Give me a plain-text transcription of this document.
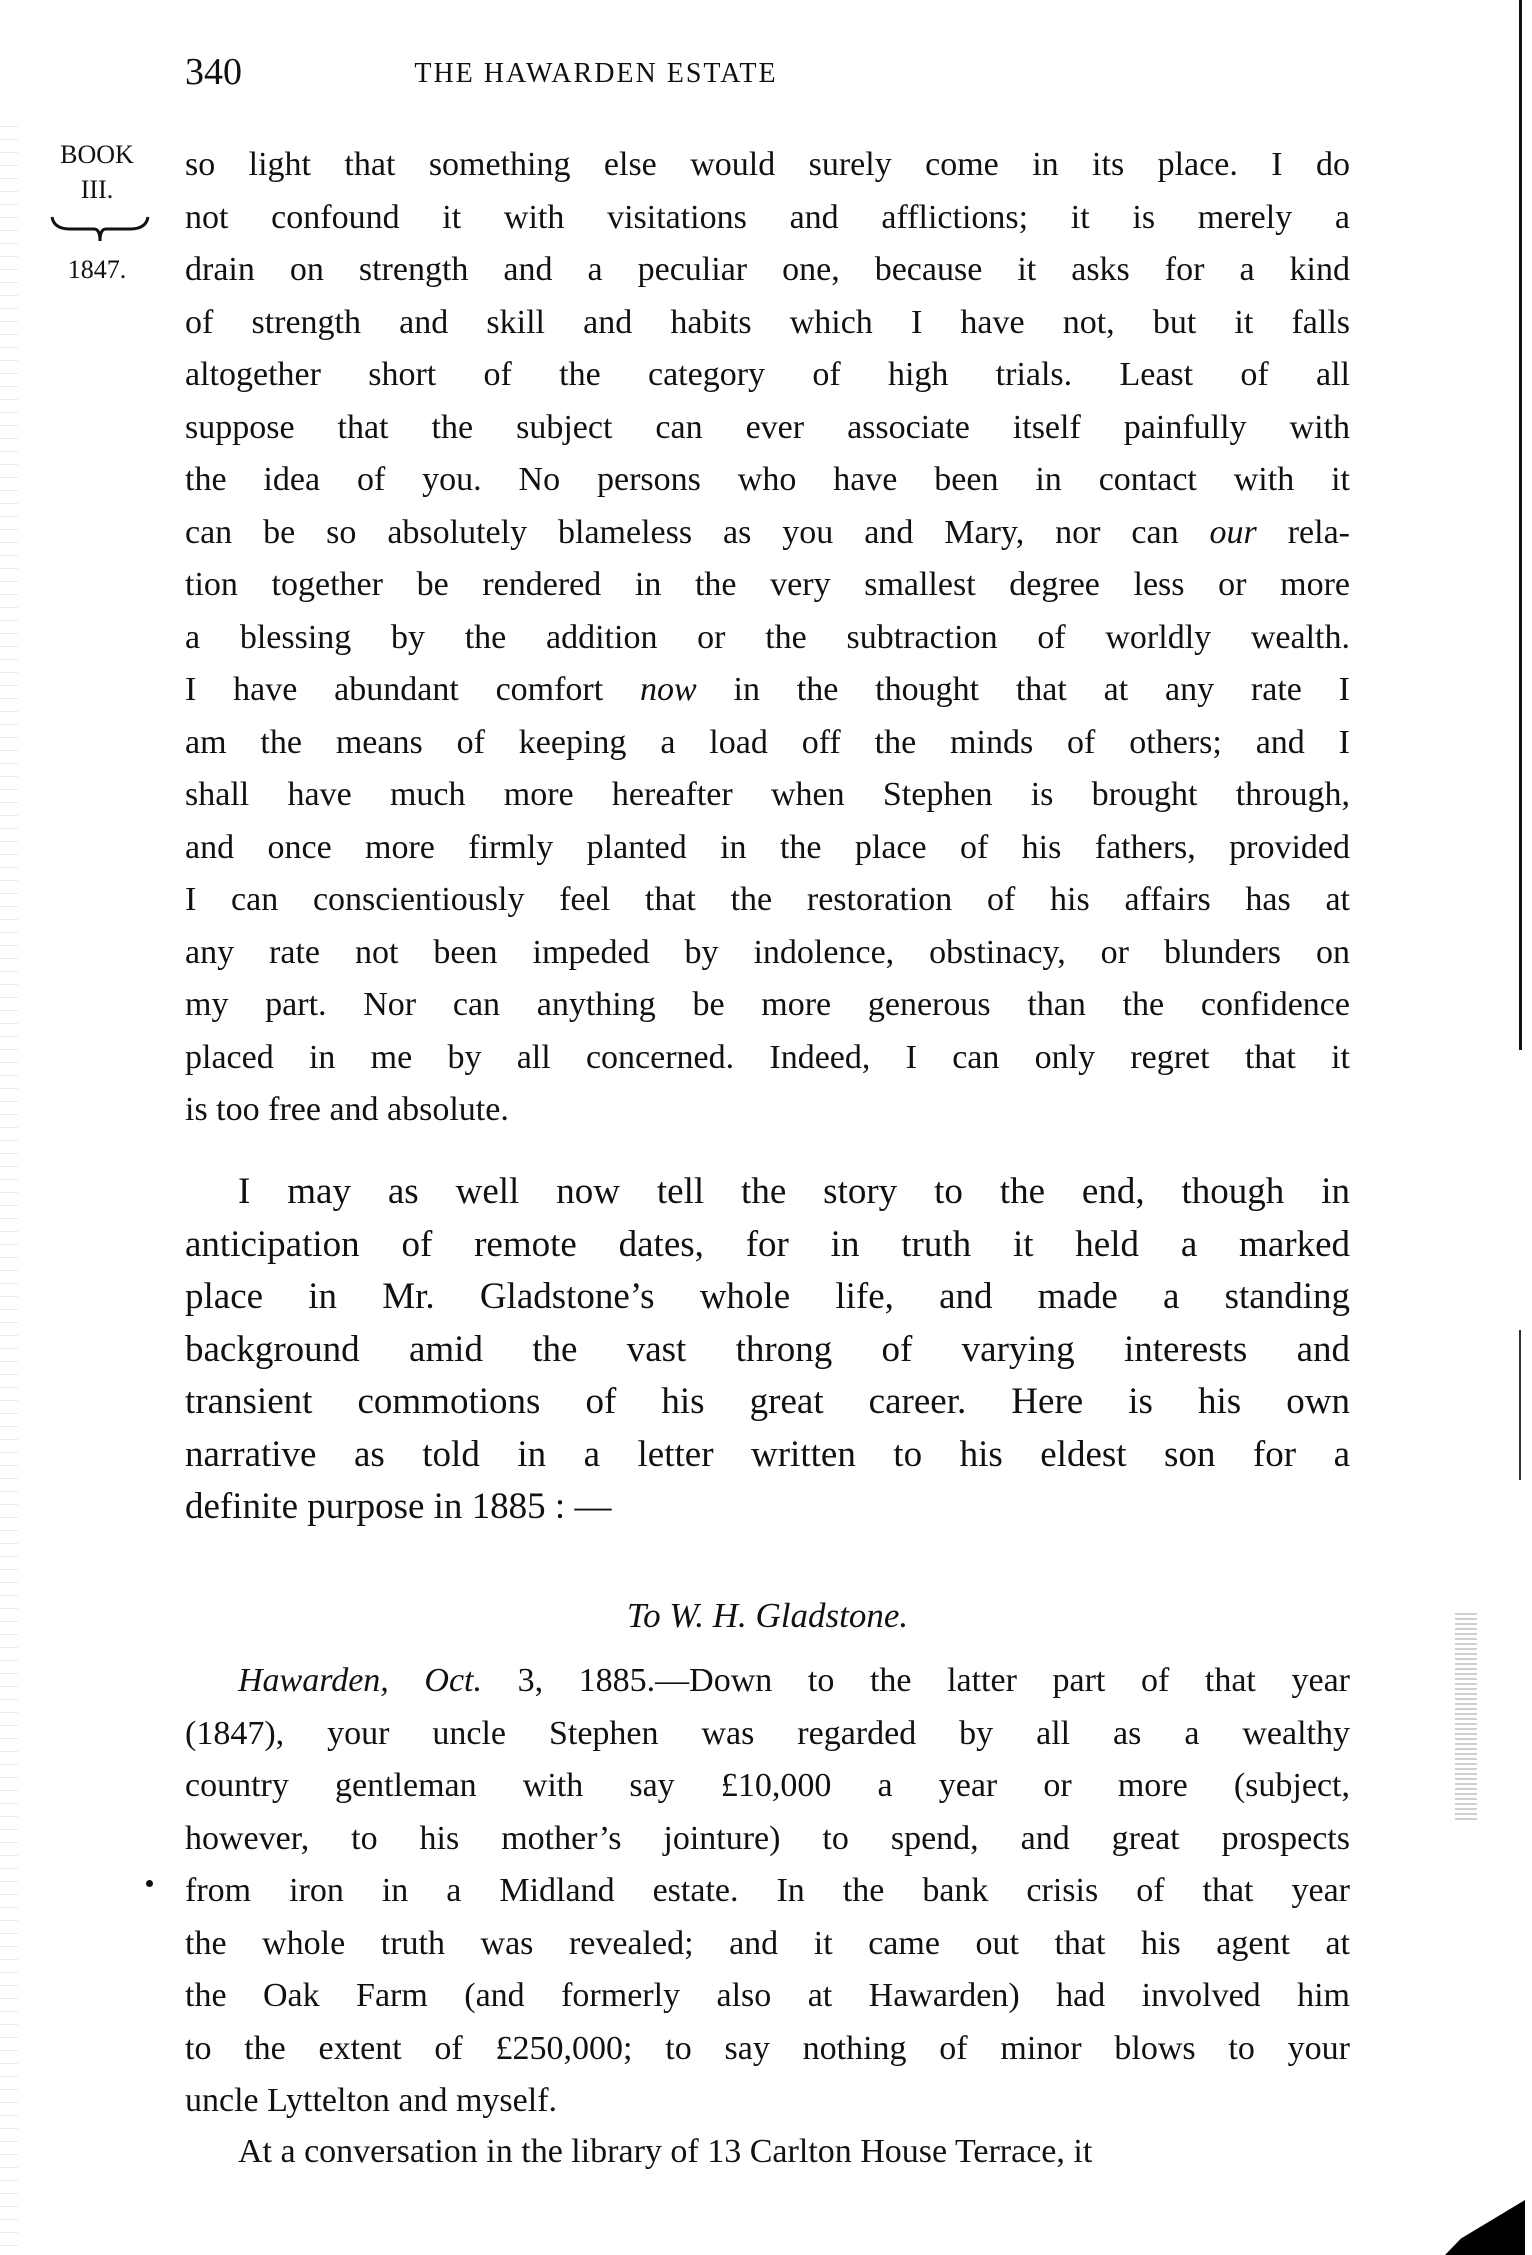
340	THE HAWARDEN ESTATE
BOOK
III.
1847.
so light that something else would surely come in its place. I do
not confound it with visitations and afflictions; it is merely a
drain on strength and a peculiar one, because it asks for a kind
of strength and skill and habits which I have not, but it falls
altogether short of the category of high trials. Least of all
suppose that the subject can ever associate itself painfully with
the idea of you. No persons who have been in contact with it
can be so absolutely blameless as you and Mary, nor can our rela-
tion together be rendered in the very smallest degree less or more
a blessing by the addition or the subtraction of worldly wealth.
I have abundant comfort now in the thought that at any rate I
am the means of keeping a load off the minds of others; and I
shall have much more hereafter when Stephen is brought through,
and once more firmly planted in the place of his fathers, provided
I can conscientiously feel that the restoration of his affairs has at
any rate not been impeded by indolence, obstinacy, or blunders on
my part. Nor can anything be more generous than the confidence
placed in me by all concerned. Indeed, I can only regret that it
is too free and absolute.
I may as well now tell the story to the end, though in
anticipation of remote dates, for in truth it held a marked
place in Mr. Gladstone’s whole life, and made a standing
background amid the vast throng of varying interests and
transient commotions of his great career. Here is his own
narrative as told in a letter written to his eldest son for a
definite purpose in 1885 : —
To W. H. Gladstone.
Hawarden, Oct. 3, 1885.—Down to the latter part of that year
(1847), your uncle Stephen was regarded by all as a wealthy
country gentleman with say £10,000 a year or more (subject,
however, to his mother’s jointure) to spend, and great prospects
from iron in a Midland estate. In the bank crisis of that year
the whole truth was revealed; and it came out that his agent at
the Oak Farm (and formerly also at Hawarden) had involved him
to the extent of £250,000; to say nothing of minor blows to your
uncle Lyttelton and myself.
At a conversation in the library of 13 Carlton House Terrace, it
